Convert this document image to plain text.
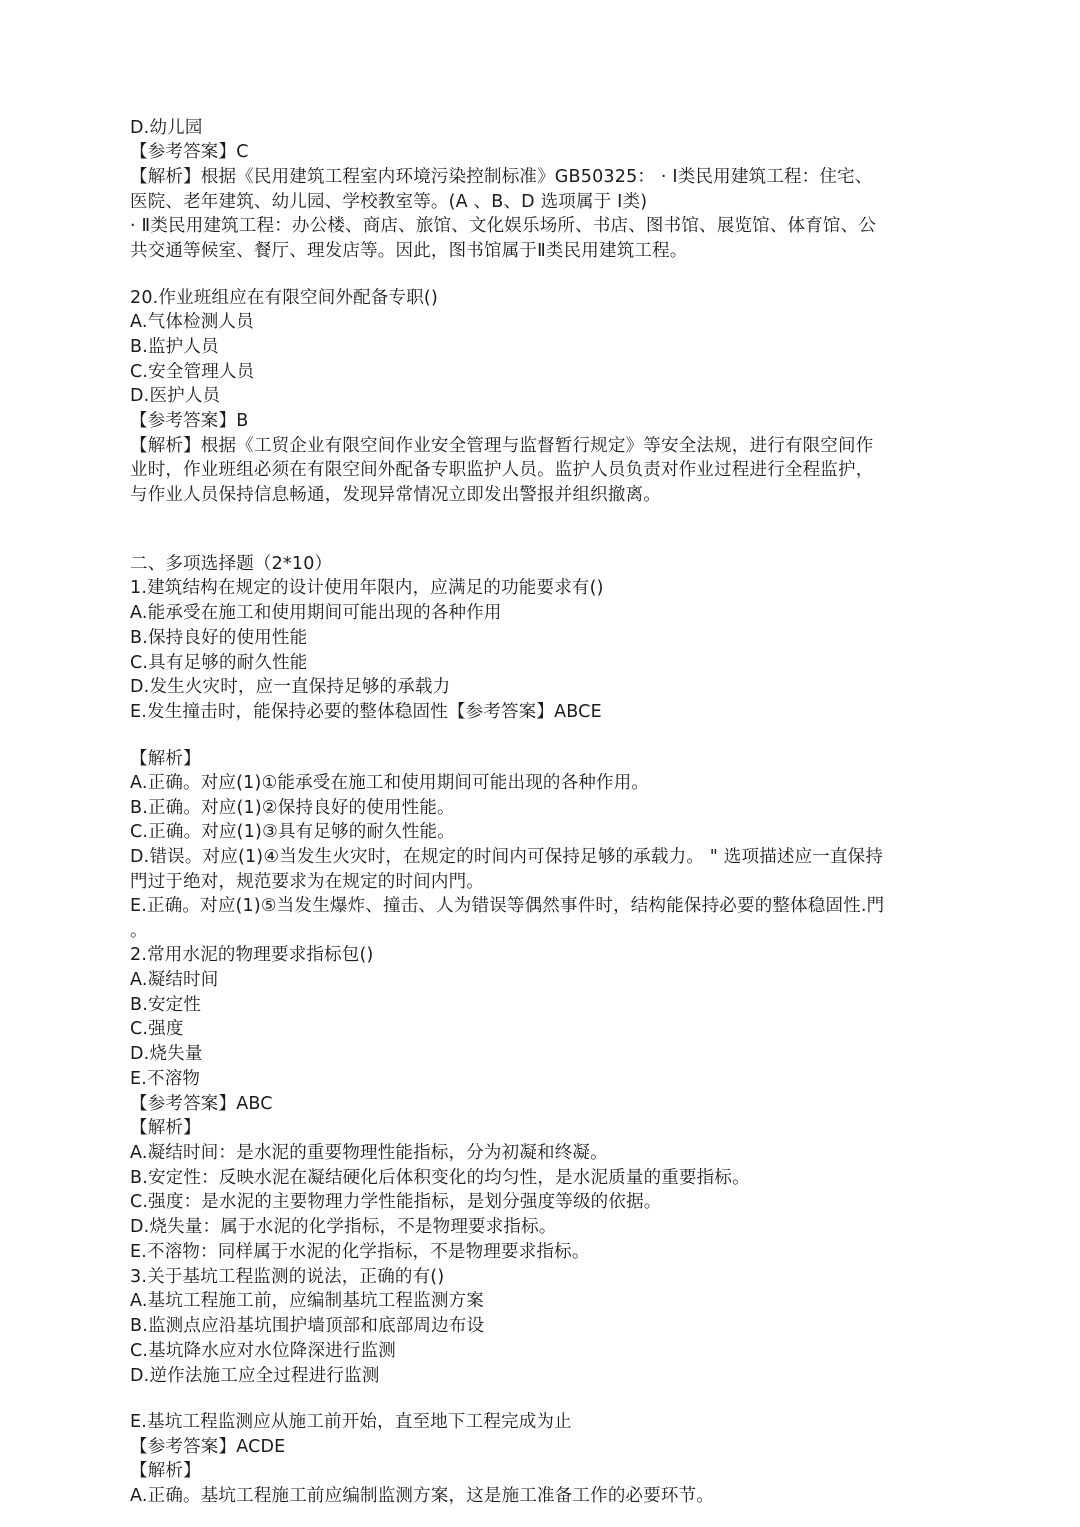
D.幼儿园
【参考答案】C
【解析】根据《民用建筑工程室内环境污染控制标准》GB50325： · Ⅰ类民用建筑工程：住宅、
医院、老年建筑、幼儿园、学校教室等。(A 、B、D 选项属于 Ⅰ类)
· Ⅱ类民用建筑工程：办公楼、商店、旅馆、文化娱乐场所、书店、图书馆、展览馆、体育馆、公
共交通等候室、餐厅、理发店等。因此，图书馆属于Ⅱ类民用建筑工程。
20.作业班组应在有限空间外配备专职()
A.气体检测人员
B.监护人员
C.安全管理人员
D.医护人员
【参考答案】B
【解析】根据《工贸企业有限空间作业安全管理与监督暂行规定》等安全法规，进行有限空间作
业时，作业班组必须在有限空间外配备专职监护人员。监护人员负责对作业过程进行全程监护，
与作业人员保持信息畅通，发现异常情况立即发出警报并组织撤离。
二、多项选择题（2*10）
1.建筑结构在规定的设计使用年限内，应满足的功能要求有()
A.能承受在施工和使用期间可能出现的各种作用
B.保持良好的使用性能
C.具有足够的耐久性能
D.发生火灾时，应一直保持足够的承载力
E.发生撞击时，能保持必要的整体稳固性【参考答案】ABCE
【解析】
A.正确。对应(1)①能承受在施工和使用期间可能出现的各种作用。
B.正确。对应(1)②保持良好的使用性能。
C.正确。对应(1)③具有足够的耐久性能。
D.错误。对应(1)④当发生火灾时，在规定的时间内可保持足够的承载力。 " 选项描述应一直保持
門过于绝对，规范要求为在规定的时间内門。
E.正确。对应(1)⑤当发生爆炸、撞击、人为错误等偶然事件时，结构能保持必要的整体稳固性.門
。
2.常用水泥的物理要求指标包()
A.凝结时间
B.安定性
C.强度
D.烧失量
E.不溶物
【参考答案】ABC
【解析】
A.凝结时间：是水泥的重要物理性能指标，分为初凝和终凝。
B.安定性：反映水泥在凝结硬化后体积变化的均匀性，是水泥质量的重要指标。
C.强度：是水泥的主要物理力学性能指标，是划分强度等级的依据。
D.烧失量：属于水泥的化学指标，不是物理要求指标。
E.不溶物：同样属于水泥的化学指标，不是物理要求指标。
3.关于基坑工程监测的说法，正确的有()
A.基坑工程施工前，应编制基坑工程监测方案
B.监测点应沿基坑围护墙顶部和底部周边布设
C.基坑降水应对水位降深进行监测
D.逆作法施工应全过程进行监测
E.基坑工程监测应从施工前开始，直至地下工程完成为止
【参考答案】ACDE
【解析】
A.正确。基坑工程施工前应编制监测方案，这是施工准备工作的必要环节。
